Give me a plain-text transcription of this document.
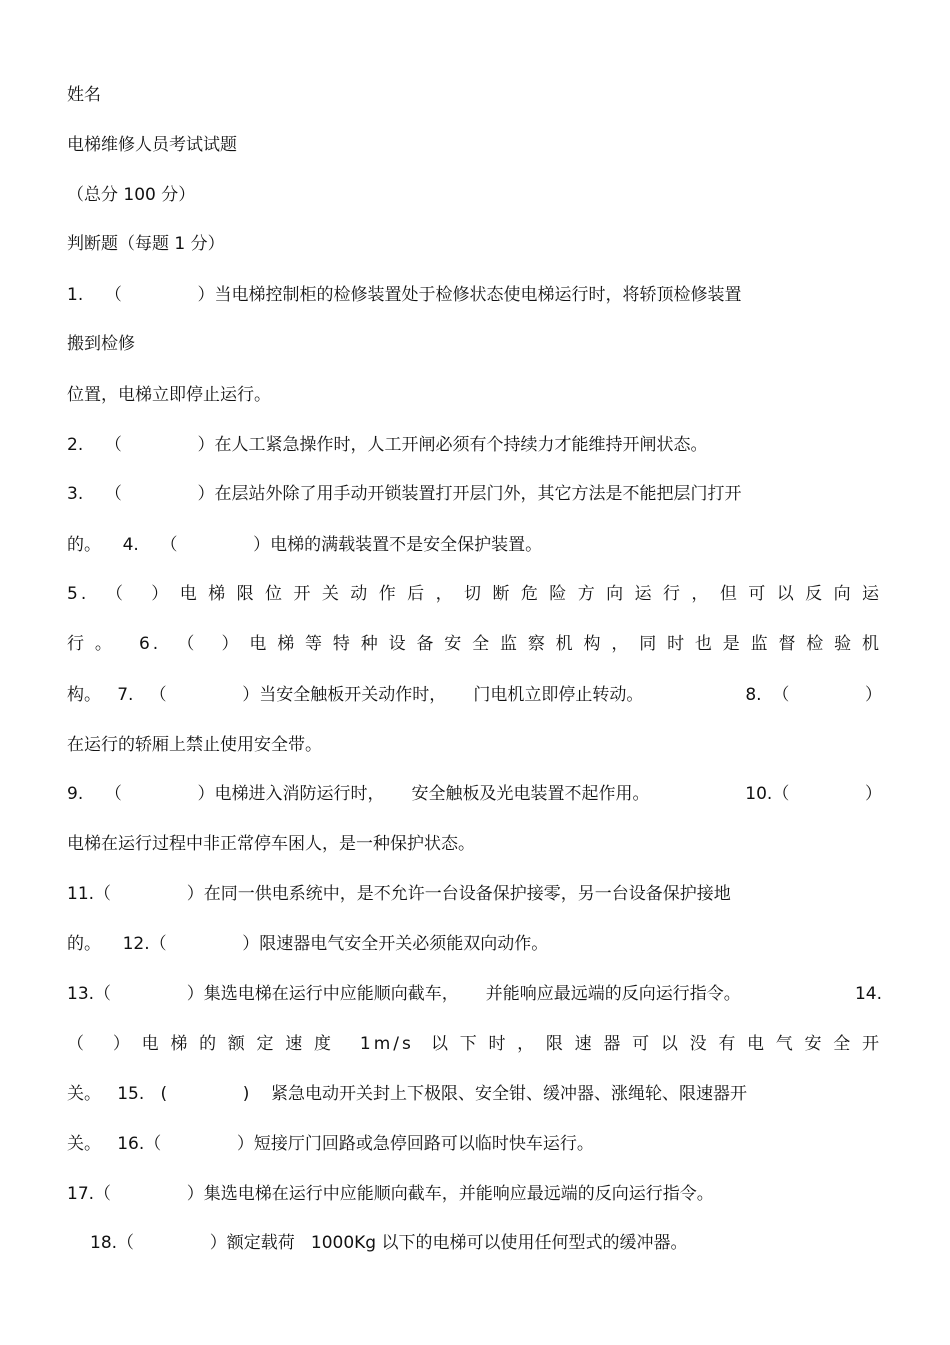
姓名
电梯维修人员考试试题
（总分 100 分）
判断题（每题 1 分）
1.    （              ）当电梯控制柜的检修装置处于检修状态使电梯运行时，将轿顶检修装置
搬到检修
位置，电梯立即停止运行。
2.    （              ）在人工紧急操作时，人工开闸必须有个持续力才能维持开闸状态。
3.    （              ）在层站外除了用手动开锁装置打开层门外，其它方法是不能把层门打开
的。    4.    （              ）电梯的满载装置不是安全保护装置。
5. （ ）电梯限位开关动作后，切断危险方向运行，但可以反向运
行。 6. （ ）电梯等特种设备安全监察机构，同时也是监督检验机
构。   7.   （              ）当安全触板开关动作时，     门电机立即停止转动。	8.  （              ）
在运行的轿厢上禁止使用安全带。
9.    （              ）电梯进入消防运行时，     安全触板及光电装置不起作用。	10.（              ）
电梯在运行过程中非正常停车困人，是一种保护状态。
11.（              ）在同一供电系统中，是不允许一台设备保护接零，另一台设备保护接地
的。    12.（              ）限速器电气安全开关必须能双向动作。
13.（              ）集选电梯在运行中应能顺向截车，     并能响应最远端的反向运行指令。	14.
（ ）电梯的额定速度 1m/s 以下时，限速器可以没有电气安全开
关。   15.   (              )    紧急电动开关封上下极限、安全钳、缓冲器、涨绳轮、限速器开
关。   16.（              ）短接厅门回路或急停回路可以临时快车运行。
17.（              ）集选电梯在运行中应能顺向截车，并能响应最远端的反向运行指令。
18.（              ）额定载荷   1000Kg 以下的电梯可以使用任何型式的缓冲器。
